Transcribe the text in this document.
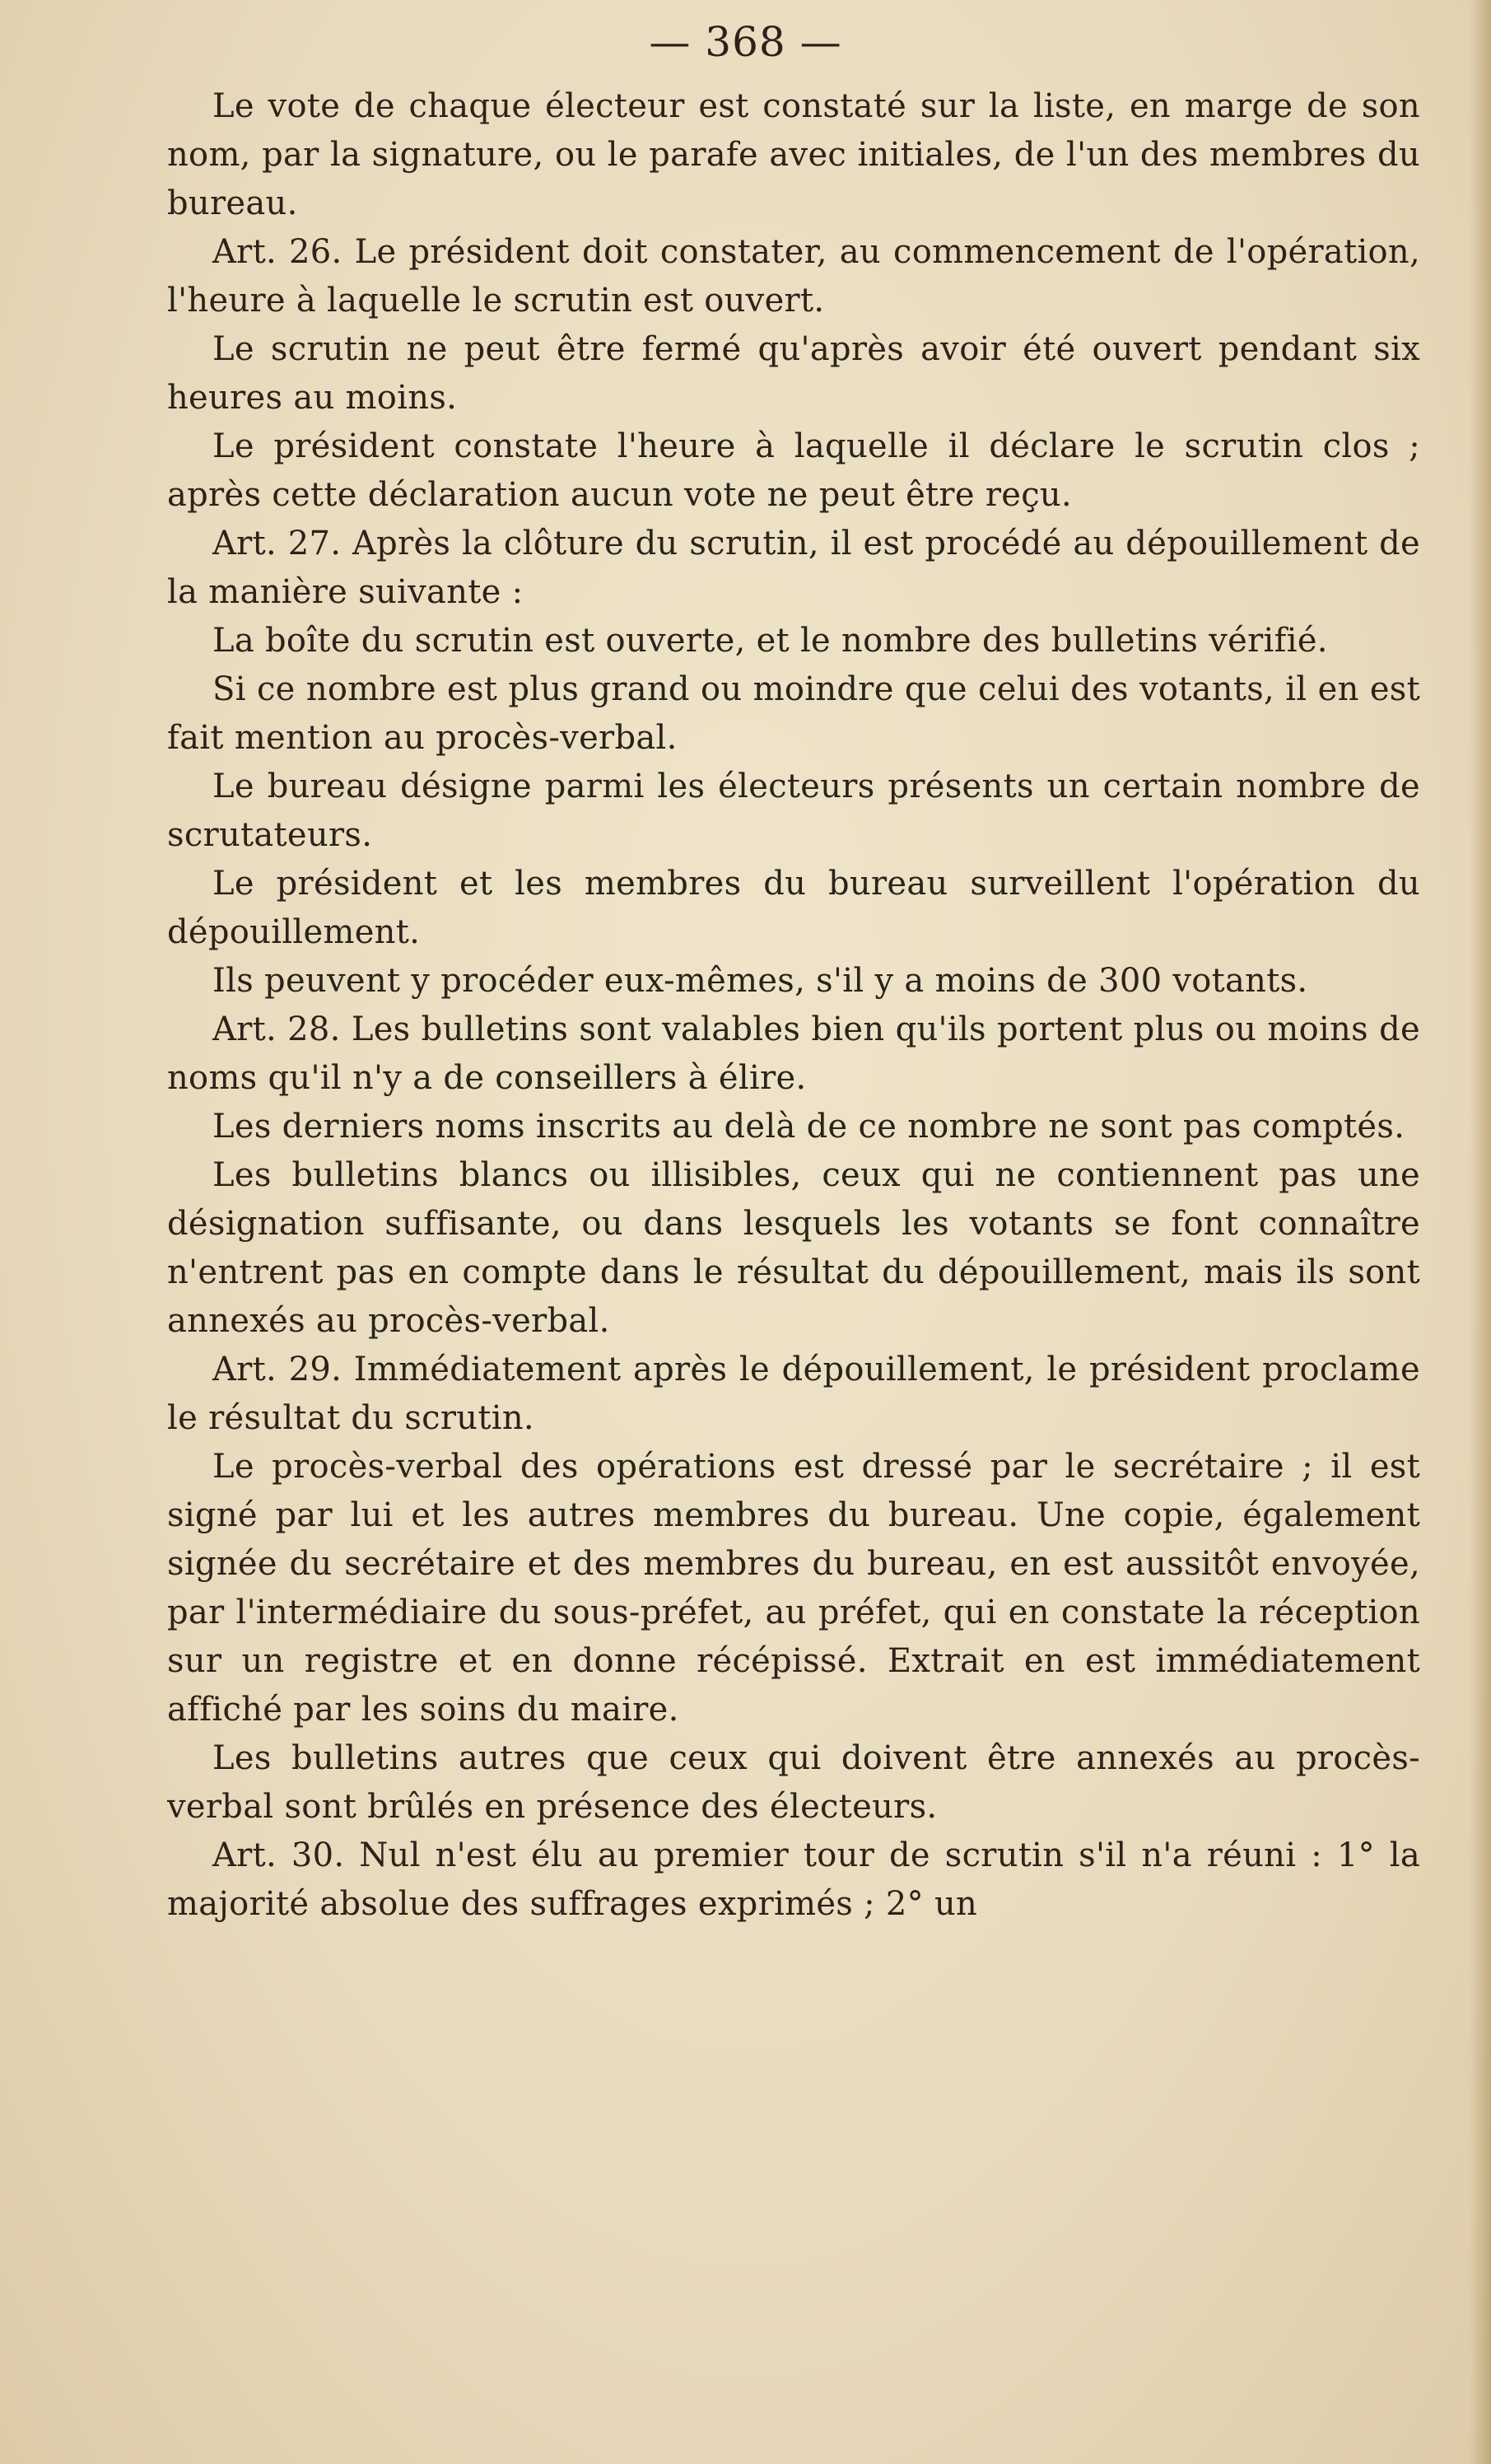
— 368 —

Le vote de chaque électeur est constaté sur la liste, en marge de son nom, par la signature, ou le parafe avec initiales, de l'un des membres du bureau.

Art. 26. Le président doit constater, au commencement de l'opération, l'heure à laquelle le scrutin est ouvert.

Le scrutin ne peut être fermé qu'après avoir été ouvert pendant six heures au moins.

Le président constate l'heure à laquelle il déclare le scrutin clos ; après cette déclaration aucun vote ne peut être reçu.

Art. 27. Après la clôture du scrutin, il est procédé au dépouillement de la manière suivante :

La boîte du scrutin est ouverte, et le nombre des bulletins vérifié.

Si ce nombre est plus grand ou moindre que celui des votants, il en est fait mention au procès-verbal.

Le bureau désigne parmi les électeurs présents un certain nombre de scrutateurs.

Le président et les membres du bureau surveillent l'opération du dépouillement.

Ils peuvent y procéder eux-mêmes, s'il y a moins de 300 votants.

Art. 28. Les bulletins sont valables bien qu'ils portent plus ou moins de noms qu'il n'y a de conseillers à élire.

Les derniers noms inscrits au delà de ce nombre ne sont pas comptés.

Les bulletins blancs ou illisibles, ceux qui ne contiennent pas une désignation suffisante, ou dans lesquels les votants se font connaître n'entrent pas en compte dans le résultat du dépouillement, mais ils sont annexés au procès-verbal.

Art. 29. Immédiatement après le dépouillement, le président proclame le résultat du scrutin.

Le procès-verbal des opérations est dressé par le secrétaire ; il est signé par lui et les autres membres du bureau. Une copie, également signée du secrétaire et des membres du bureau, en est aussitôt envoyée, par l'intermédiaire du sous-préfet, au préfet, qui en constate la réception sur un registre et en donne récépissé. Extrait en est immédiatement affiché par les soins du maire.

Les bulletins autres que ceux qui doivent être annexés au procès-verbal sont brûlés en présence des électeurs.

Art. 30. Nul n'est élu au premier tour de scrutin s'il n'a réuni : 1° la majorité absolue des suffrages exprimés ; 2° un
